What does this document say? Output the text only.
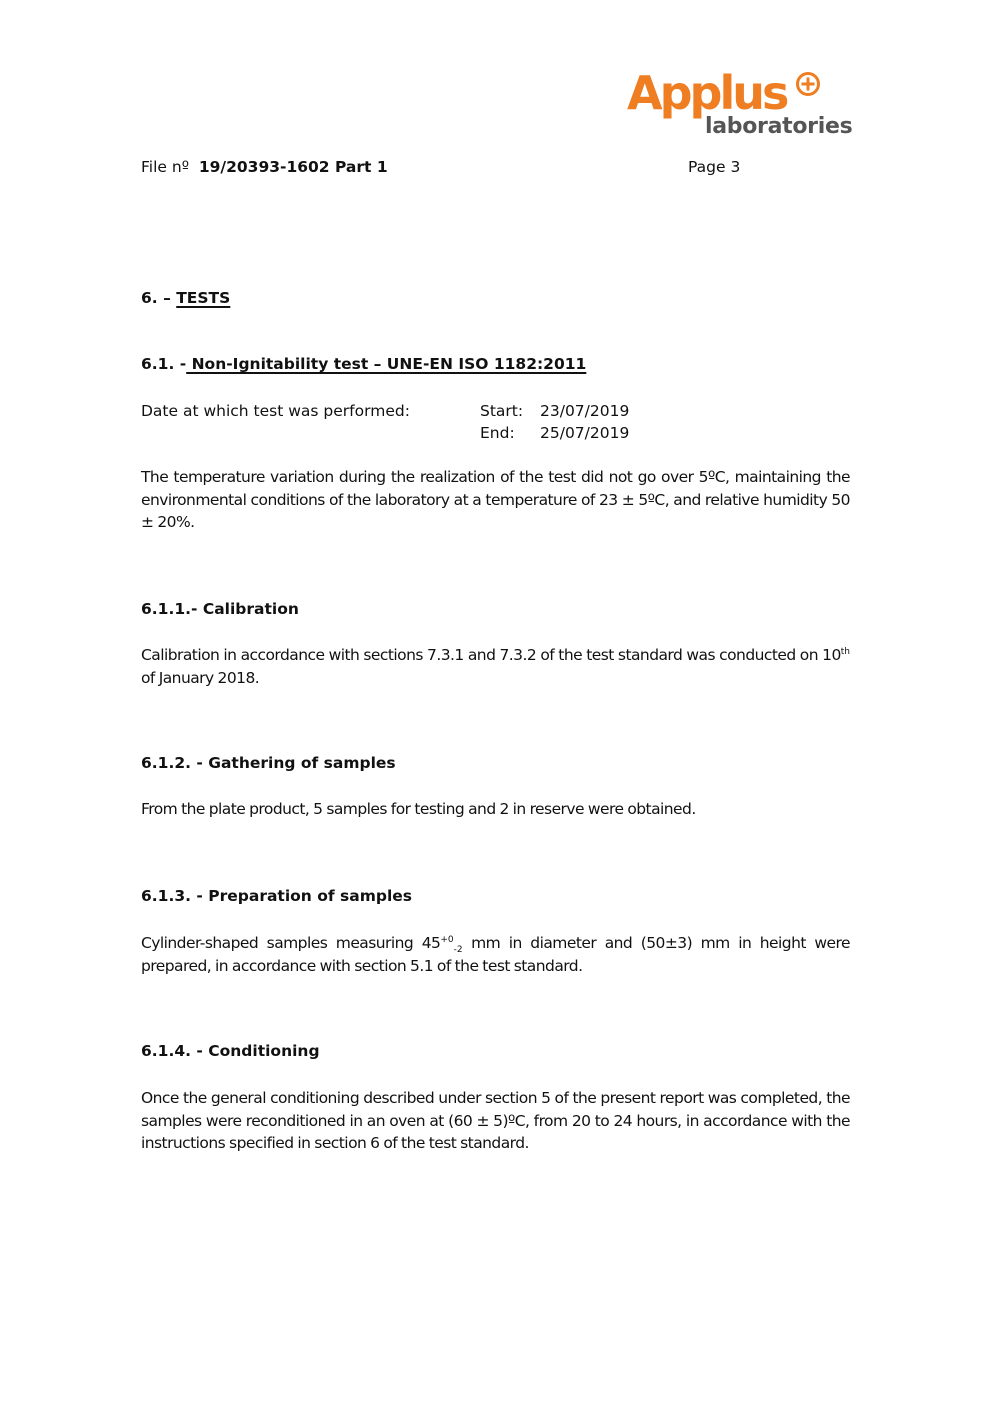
Applus
laboratories
File nº 19/20393-1602 Part 1	Page 3
6. – TESTS
6.1. - Non-Ignitability test – UNE-EN ISO 1182:2011
Date at which test was performed:	Start: 23/07/2019
End: 25/07/2019
The temperature variation during the realization of the test did not go over 5ºC, maintaining the environmental conditions of the laboratory at a temperature of 23 ± 5ºC, and relative humidity 50 ± 20%.
6.1.1.- Calibration
Calibration in accordance with sections 7.3.1 and 7.3.2 of the test standard was conducted on 10th of January 2018.
6.1.2. - Gathering of samples
From the plate product, 5 samples for testing and 2 in reserve were obtained.
6.1.3. - Preparation of samples
Cylinder-shaped samples measuring $45^{+0}_{-2}$ mm in diameter and (50±3) mm in height were prepared, in accordance with section 5.1 of the test standard.
6.1.4. - Conditioning
Once the general conditioning described under section 5 of the present report was completed, the samples were reconditioned in an oven at (60 ± 5)ºC, from 20 to 24 hours, in accordance with the instructions specified in section 6 of the test standard.
